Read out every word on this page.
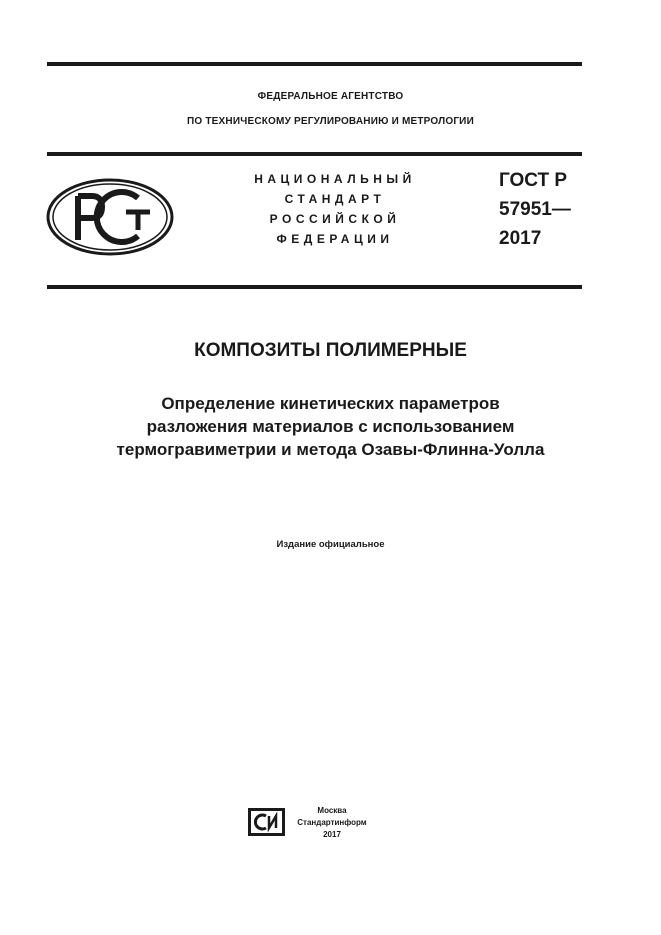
ФЕДЕРАЛЬНОЕ АГЕНТСТВО
ПО ТЕХНИЧЕСКОМУ РЕГУЛИРОВАНИЮ И МЕТРОЛОГИИ
НАЦИОНАЛЬНЫЙ
СТАНДАРТ
РОССИЙСКОЙ
ФЕДЕРАЦИИ
ГОСТ Р
57951—
2017
КОМПОЗИТЫ ПОЛИМЕРНЫЕ
Определение кинетических параметров
разложения материалов с использованием
термогравиметрии и метода Озавы-Флинна-Уолла
Издание официальное
Москва
Стандартинформ
2017
